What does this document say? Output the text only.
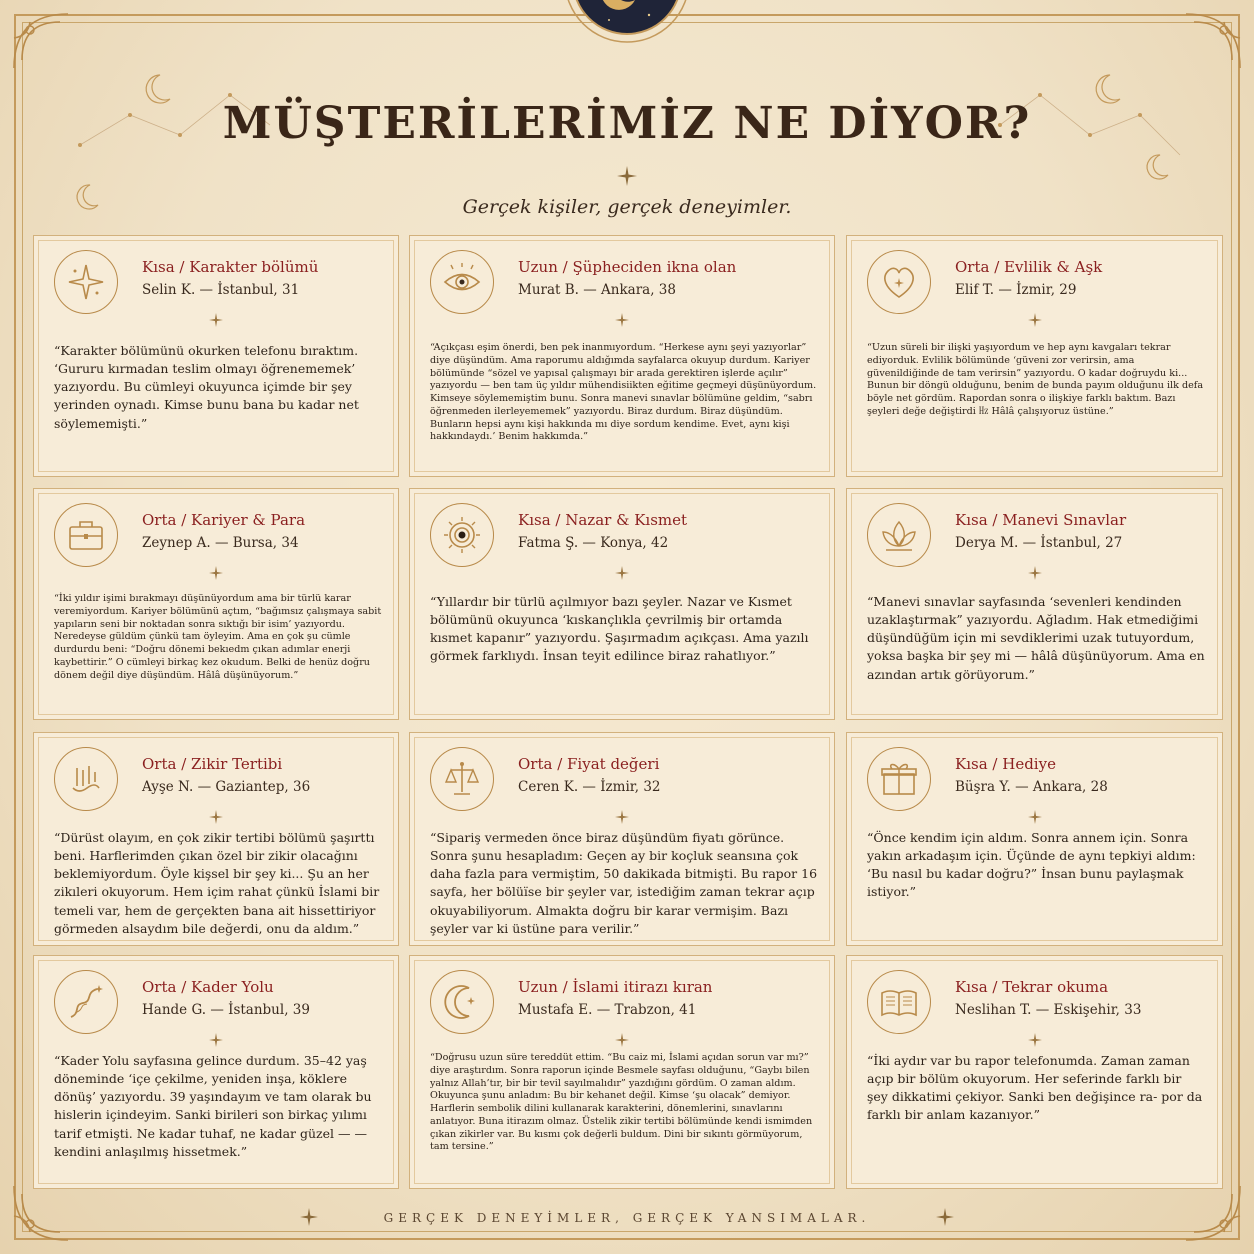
MÜŞTERİLERİMİZ NE DİYOR?
Gerçek kişiler, gerçek deneyimler.
Kısa / Karakter bölümü
Selin K. — İstanbul, 31
“Karakter bölümünü okurken telefonu bıraktım. ‘Gururu kırmadan teslim olmayı öğrenememek’ yazıyordu. Bu cümleyi okuyunca içimde bir şey yerinden oynadı. Kimse bunu bana bu kadar net söylememişti.”
Uzun / Şüpheciden ikna olan
Murat B. — Ankara, 38
“Açıkçası eşim önerdi, ben pek inanmıyordum. “Herkese aynı şeyi yazıyorlar” diye düşündüm. Ama raporumu aldığımda sayfalarca okuyup durdum. Kariyer bölümünde “sözel ve yapısal çalışmayı bir arada gerektiren işlerde açılır” yazıyordu — ben tam üç yıldır mühendisiikten eğitime geçmeyi düşünüyordum. Kimseye söylememiştim bunu. Sonra manevi sınavlar bölümüne geldim, “sabrı öğrenmeden ilerleyememek” yazıyordu. Biraz durdum. Biraz düşündüm. Bunların hepsi aynı kişi hakkında mı diye sordum kendime. Evet, aynı kişi hakkındaydı.’ Benim hakkımda.”
Orta / Evlilik & Aşk
Elif T. — İzmir, 29
“Uzun süreli bir ilişki yaşıyordum ve hep aynı kavgaları tekrar ediyorduk. Evlilik bölümünde ‘güveni zor verirsin, ama güvenildiğinde de tam verirsin” yazıyordu. O kadar doğruydu ki... Bunun bir döngü olduğunu, benim de bunda payım olduğunu ilk defa böyle net gördüm. Rapordan sonra o ilişkiye farklı baktım. Bazı şeyleri değe değiştirdi ㎐ Hâlâ çalışıyoruz üstüne.”
Orta / Kariyer & Para
Zeynep A. — Bursa, 34
“İki yıldır işimi bırakmayı düşünüyordum ama bir türlü karar veremiyordum. Kariyer bölümünü açtım, “bağımsız çalışmaya sabit yapıların seni bir noktadan sonra sıktığı bir isim’ yazıyordu. Neredeyse güldüm çünkü tam öyleyim. Ama en çok şu cümle durdurdu beni: “Doğru dönemi bekıedm çıkan adımlar enerji kaybettirir.” O cümleyi birkaç kez okudum. Belki de henüz doğru dönem değil diye düşündüm. Hâlâ düşünüyorum.”
Kısa / Nazar & Kısmet
Fatma Ş. — Konya, 42
“Yıllardır bir türlü açılmıyor bazı şeyler. Nazar ve Kısmet bölümünü okuyunca ‘kıskançlıkla çevrilmiş bir ortamda kısmet kapanır” yazıyordu. Şaşırmadım açıkçası. Ama yazılı görmek farklıydı. İnsan teyit edilince biraz rahatlıyor.”
Kısa / Manevi Sınavlar
Derya M. — İstanbul, 27
“Manevi sınavlar sayfasında ‘sevenleri kendinden uzaklaştırmak” yazıyordu. Ağladım. Hak etmediğimi düşündüğüm için mi sevdiklerimi uzak tutuyordum, yoksa başka bir şey mi — hâlâ düşünüyorum. Ama en azından artık görüyorum.”
Orta / Zikir Tertibi
Ayşe N. — Gaziantep, 36
“Dürüst olayım, en çok zikir tertibi bölümü şaşırttı beni. Harflerimden çıkan özel bir zikir olacağını beklemiyordum. Öyle kişsel bir şey ki... Şu an her zikıleri okuyorum. Hem içim rahat çünkü İslami bir temeli var, hem de gerçekten bana ait hissettiriyor görmeden alsaydım bile değerdi, onu da aldım.”
Orta / Fiyat değeri
Ceren K. — İzmir, 32
“Sipariş vermeden önce biraz düşündüm fiyatı görünce. Sonra şunu hesapladım: Geçen ay bir koçluk seansına çok daha fazla para vermiştim, 50 dakikada bitmişti. Bu rapor 16 sayfa, her bölüı̈se bir şeyler var, istediğim zaman tekrar açıp okuyabiliyorum. Almakta doğru bir karar vermişim. Bazı şeyler var ki üstüne para verilir.”
Kısa / Hediye
Büşra Y. — Ankara, 28
“Önce kendim için aldım. Sonra annem için. Sonra yakın arkadaşım için. Üçünde de aynı tepkiyi aldım: ‘Bu nasıl bu kadar doğru?” İnsan bunu paylaşmak istiyor.”
Orta / Kader Yolu
Hande G. — İstanbul, 39
“Kader Yolu sayfasına gelince durdum. 35–42 yaş döneminde ‘içe çekilme, yeniden inşa, köklere dönüş’ yazıyordu. 39 yaşındayım ve tam olarak bu hislerin içindeyim. Sanki birileri son birkaç yılımı tarif etmişti. Ne kadar tuhaf, ne kadar güzel — — kendini anlaşılmış hissetmek.”
Uzun / İslami itirazı kıran
Mustafa E. — Trabzon, 41
“Doğrusu uzun süre tereddüt ettim. “Bu caiz mi, İslami açıdan sorun var mı?” diye araştırdım. Sonra raporun içinde Besmele sayfası olduğunu, “Gaybı bilen yalnız Allah’tır, bir bir tevil sayılmalıdır” yazdığını gördüm. O zaman aldım. Okuyunca şunu anladım: Bu bir kehanet değil. Kimse ‘şu olacak” demiyor. Harflerin sembolik dilini kullanarak karakterini, dönemlerini, sınavlarını anlatıyor. Buna itirazım olmaz. Üstelik zikir tertibi bölümünde kendi ismimden çıkan zikirler var. Bu kısmı çok değerli buldum. Dini bir sıkıntı görmüyorum, tam tersine.”
Kısa / Tekrar okuma
Neslihan T. — Eskişehir, 33
“İki aydır var bu rapor telefonumda. Zaman zaman açıp bir bölüm okuyorum. Her seferinde farklı bir şey dikkatimi çekiyor. Sanki ben değişince ra- por da farklı bir anlam kazanıyor.”
GERÇEK DENEYİMLER, GERÇEK YANSIMALAR.
